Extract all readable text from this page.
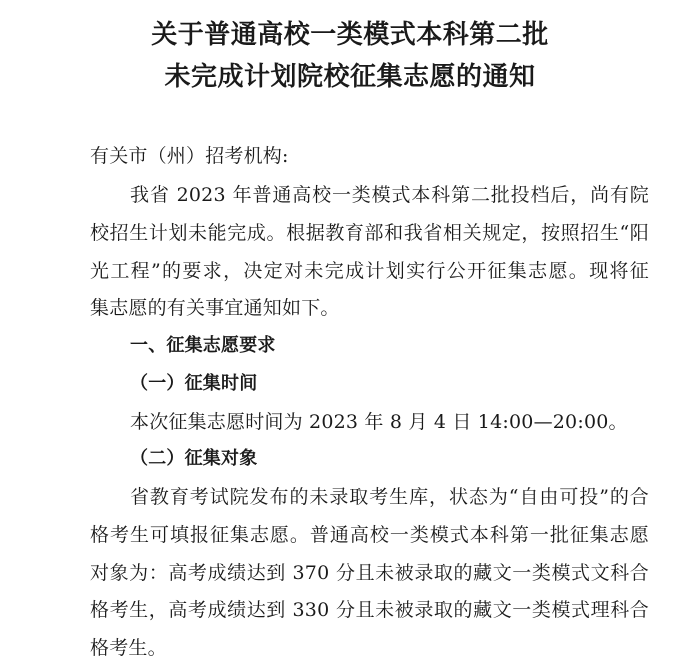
关于普通高校一类模式本科第二批
未完成计划院校征集志愿的通知
有关市（州）招考机构:
我省 2023 年普通高校一类模式本科第二批投档后，尚有院
校招生计划未能完成。根据教育部和我省相关规定，按照招生“阳
光工程”的要求，决定对未完成计划实行公开征集志愿。现将征
集志愿的有关事宜通知如下。
一、征集志愿要求
（一）征集时间
本次征集志愿时间为 2023 年 8 月 4 日 14:00—20:00。
（二）征集对象
省教育考试院发布的未录取考生库，状态为“自由可投”的合
格考生可填报征集志愿。普通高校一类模式本科第一批征集志愿
对象为：高考成绩达到 370 分且未被录取的藏文一类模式文科合
格考生，高考成绩达到 330 分且未被录取的藏文一类模式理科合
格考生。
